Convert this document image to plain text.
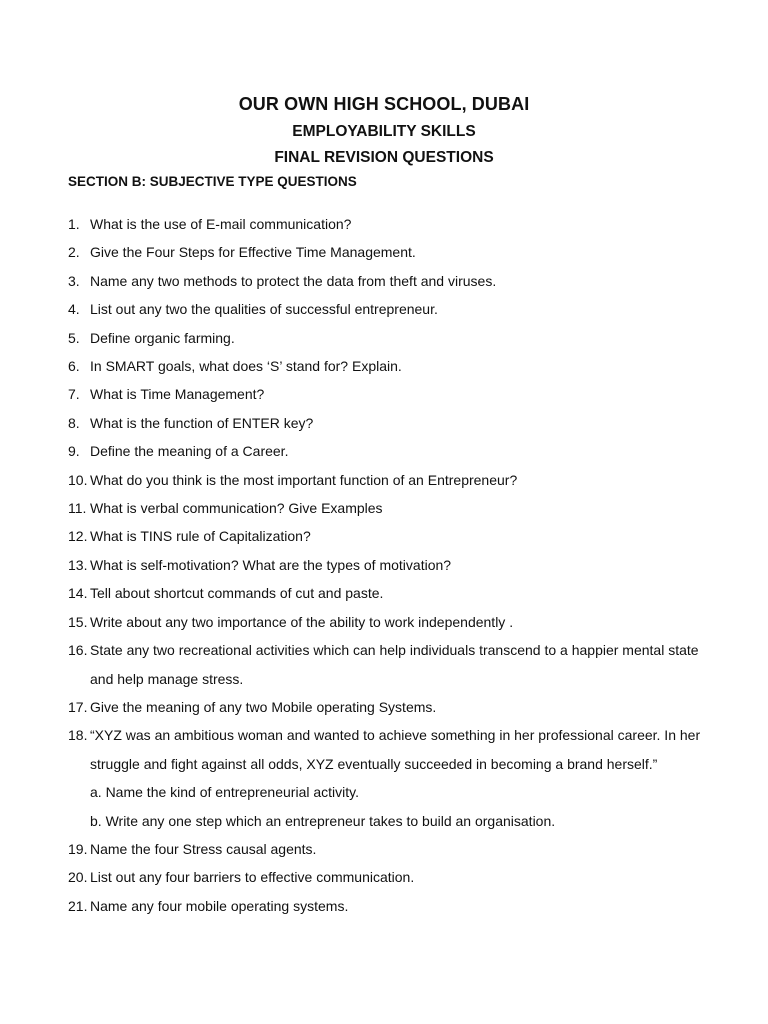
OUR OWN HIGH SCHOOL, DUBAI
EMPLOYABILITY SKILLS
FINAL REVISION QUESTIONS
SECTION B: SUBJECTIVE TYPE QUESTIONS
1. What is the use of E-mail communication?
2. Give the Four Steps for Effective Time Management.
3. Name any two methods to protect the data from theft and viruses.
4. List out any two the qualities of successful entrepreneur.
5. Define organic farming.
6. In SMART goals, what does ‘S’ stand for? Explain.
7. What is Time Management?
8. What is the function of ENTER key?
9. Define the meaning of a Career.
10. What do you think is the most important function of an Entrepreneur?
11. What is verbal communication? Give Examples
12. What is TINS rule of Capitalization?
13. What is self-motivation? What are the types of motivation?
14. Tell about shortcut commands of cut and paste.
15. Write about any two importance of the ability to work independently .
16. State any two recreational activities which can help individuals transcend to a happier mental state and help manage stress.
17. Give the meaning of any two Mobile operating Systems.
18. “XYZ was an ambitious woman and wanted to achieve something in her professional career. In her struggle and fight against all odds, XYZ eventually succeeded in becoming a brand herself.”
a. Name the kind of entrepreneurial activity.
b. Write any one step which an entrepreneur takes to build an organisation.
19. Name the four Stress causal agents.
20. List out any four barriers to effective communication.
21. Name any four mobile operating systems.
